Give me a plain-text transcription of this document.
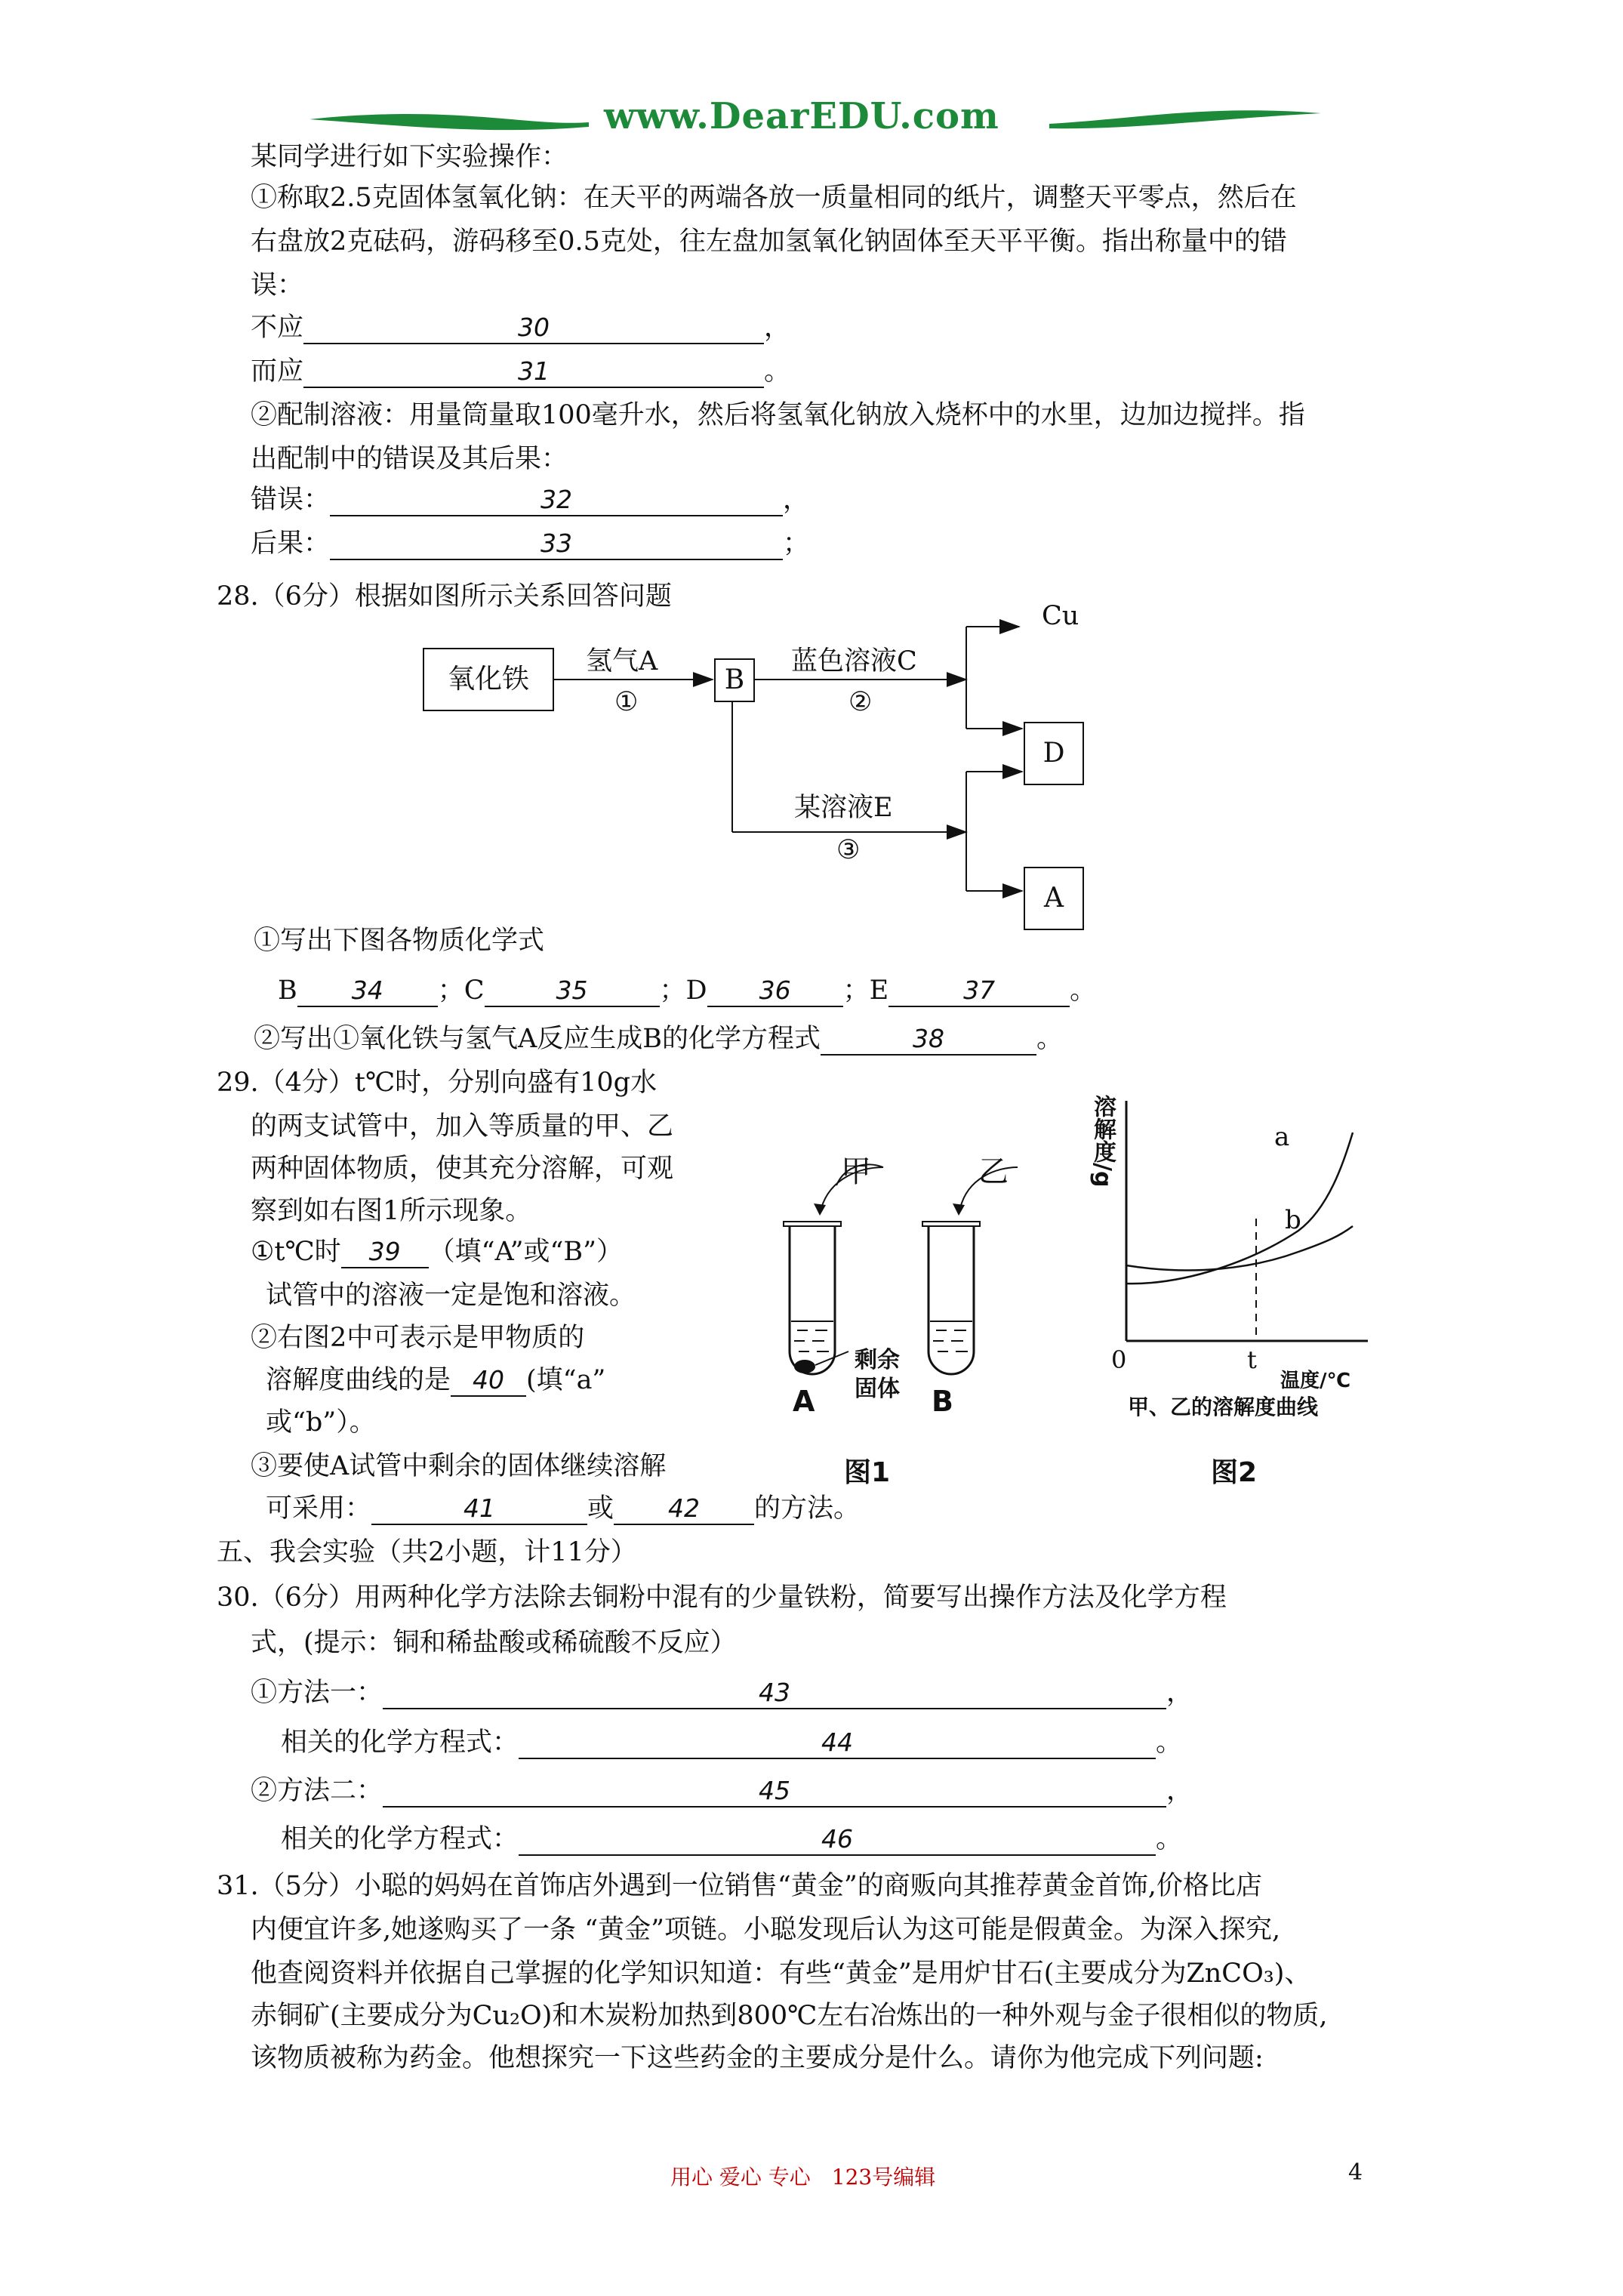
www.DearEDU.com
某同学进行如下实验操作：
①称取2.5克固体氢氧化钠：在天平的两端各放一质量相同的纸片，调整天平零点，然后在
右盘放2克砝码，游码移至0.5克处，往左盘加氢氧化钠固体至天平平衡。指出称量中的错
误：
不应	30	，
而应	31	。
②配制溶液：用量筒量取100毫升水，然后将氢氧化钠放入烧杯中的水里，边加边搅拌。指
出配制中的错误及其后果：
错误：	32	，
后果：	33	；
28.（6分）根据如图所示关系回答问题
氧化铁	B
D
A
Cu
氢气A
①
蓝色溶液C
②
某溶液E
③
①写出下图各物质化学式
B 34 ；C	35	；D 36 ；E	37	。
②写出①氧化铁与氢气A反应生成B的化学方程式	38	。
29.（4分）t℃时，分别向盛有10g水
的两支试管中，加入等质量的甲、乙
两种固体物质，使其充分溶解，可观
察到如右图1所示现象。
①t℃时 39 （填“A”或“B”）
试管中的溶液一定是饱和溶液。
②右图2中可表示是甲物质的
溶解度曲线的是 40 (填“a”
或“b”）。
③要使A试管中剩余的固体继续溶解
可采用：	41	或 42 的方法。
甲	乙
剩余
固体
A	B
图1
溶解度/g	a
b
0	t
温度/℃
甲、乙的溶解度曲线
图2
五、我会实验（共2小题，计11分）
30.（6分）用两种化学方法除去铜粉中混有的少量铁粉，简要写出操作方法及化学方程
式，(提示：铜和稀盐酸或稀硫酸不反应）
①方法一：	43	，
相关的化学方程式：	44	。
②方法二：	45	，
相关的化学方程式：	46	。
31.（5分）小聪的妈妈在首饰店外遇到一位销售“黄金”的商贩向其推荐黄金首饰,价格比店
内便宜许多,她遂购买了一条 “黄金”项链。小聪发现后认为这可能是假黄金。为深入探究,
他查阅资料并依据自己掌握的化学知识知道：有些“黄金”是用炉甘石(主要成分为ZnCO₃)、
赤铜矿(主要成分为Cu₂O)和木炭粉加热到800℃左右冶炼出的一种外观与金子很相似的物质,
该物质被称为药金。他想探究一下这些药金的主要成分是什么。请你为他完成下列问题:
用心 爱心 专心　123号编辑	4
